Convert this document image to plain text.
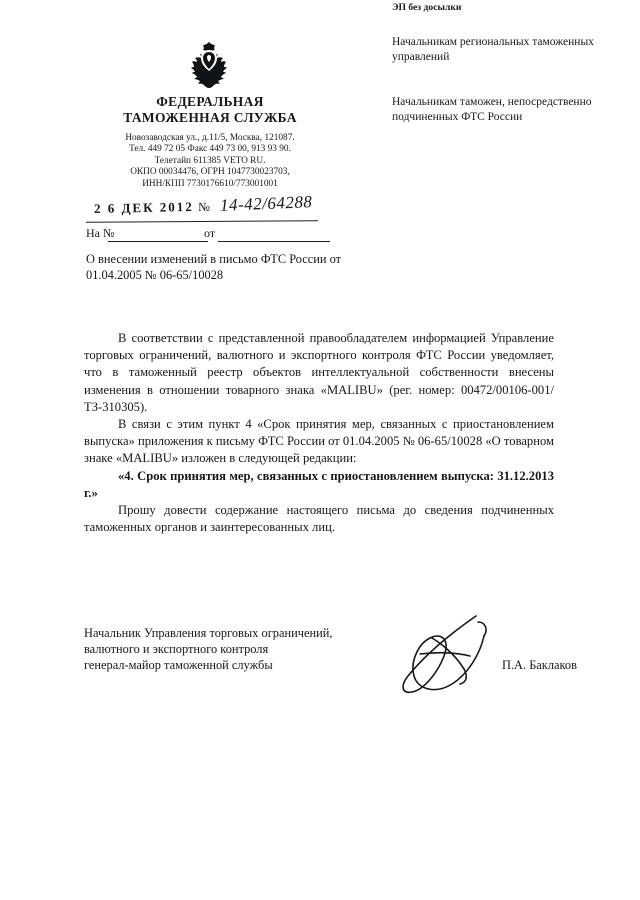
ФЕДЕРАЛЬНАЯ
ТАМОЖЕННАЯ СЛУЖБА
Новозаводская ул., д.11/5, Москва, 121087.
Тел. 449 72 05 Факс 449 73 00, 913 93 90.
Телетайп 611385 VETO RU.
ОКПО 00034476, ОГРН 1047730023703,
ИНН/КПП 7730176610/773001001
ЭП без досылки
Начальникам региональных таможенных управлений
Начальникам таможен, непосредственно подчиненных ФТС России
2 6 ДЕК 2012 № 14-42/64288
На №	от
О внесении изменений в письмо ФТС России от 01.04.2005 № 06-65/10028

В соответствии с представленной правообладателем информацией Управление торговых ограничений, валютного и экспортного контроля ФТС России уведомляет, что в таможенный реестр объектов интеллектуальной собственности внесены изменения в отношении товарного знака «MALIBU» (рег. номер: 00472/00106-001/ТЗ-310305).

В связи с этим пункт 4 «Срок принятия мер, связанных с приостановлением выпуска» приложения к письму ФТС России от 01.04.2005 № 06-65/10028 «О товарном знаке «MALIBU» изложен в следующей редакции:

«4. Срок принятия мер, связанных с приостановлением выпуска: 31.12.2013 г.»

Прошу довести содержание настоящего письма до сведения подчиненных таможенных органов и заинтересованных лиц.

Начальник Управления торговых ограничений,
валютного и экспортного контроля
генерал-майор таможенной службы	П.А. Баклаков
